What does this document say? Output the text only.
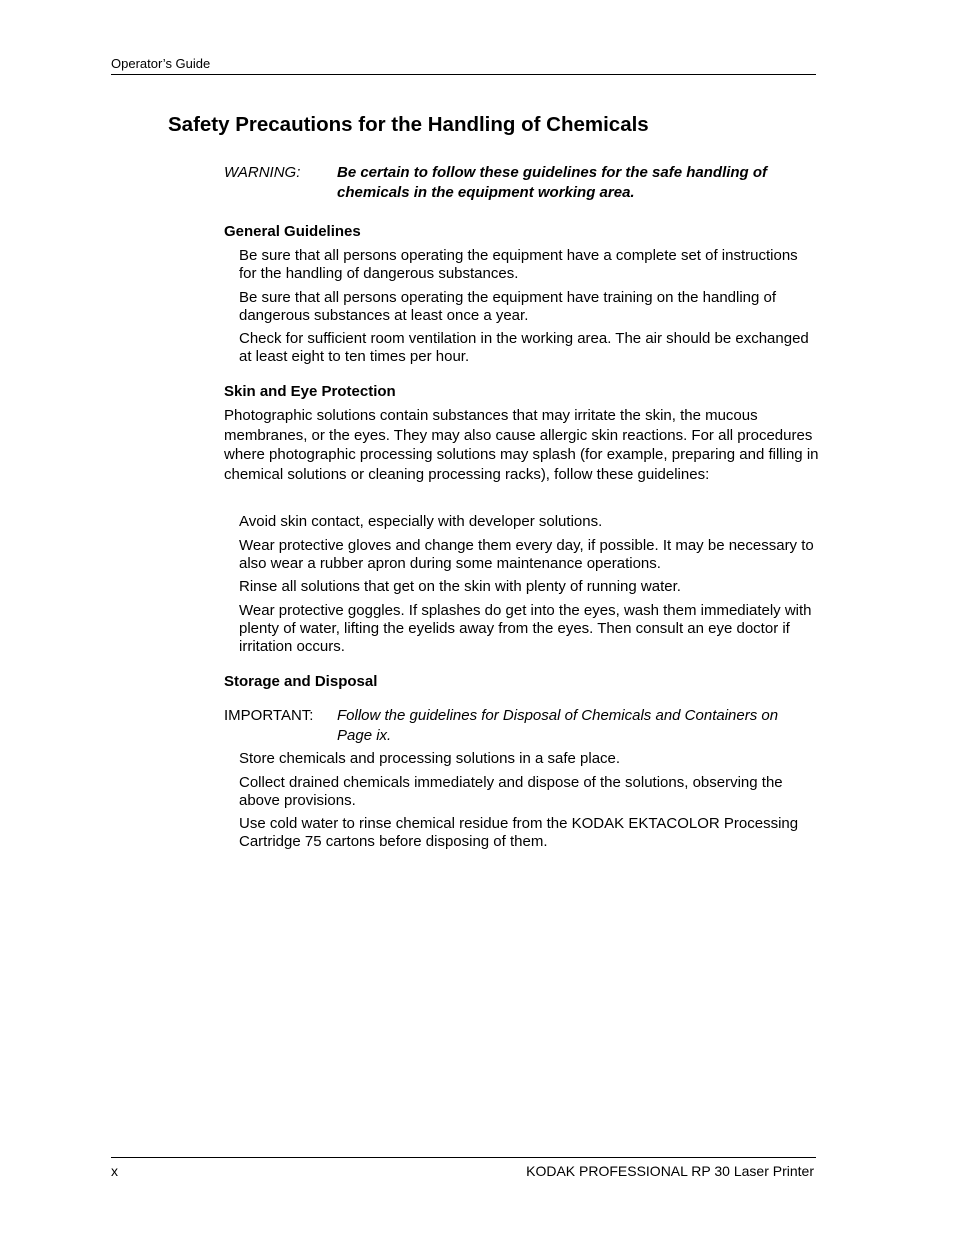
Operator’s Guide
Safety Precautions for the Handling of Chemicals
WARNING: Be certain to follow these guidelines for the safe handling of chemicals in the equipment working area.
General Guidelines
Be sure that all persons operating the equipment have a complete set of instructions for the handling of dangerous substances.
Be sure that all persons operating the equipment have training on the handling of dangerous substances at least once a year.
Check for sufficient room ventilation in the working area. The air should be exchanged at least eight to ten times per hour.
Skin and Eye Protection

Photographic solutions contain substances that may irritate the skin, the mucous membranes, or the eyes. They may also cause allergic skin reactions. For all procedures where photographic processing solutions may splash (for example, preparing and filling in chemical solutions or cleaning processing racks), follow these guidelines:

Avoid skin contact, especially with developer solutions.
Wear protective gloves and change them every day, if possible. It may be necessary to also wear a rubber apron during some maintenance operations.
Rinse all solutions that get on the skin with plenty of running water.
Wear protective goggles. If splashes do get into the eyes, wash them immediately with plenty of water, lifting the eyelids away from the eyes. Then consult an eye doctor if irritation occurs.
Storage and Disposal
IMPORTANT: Follow the guidelines for Disposal of Chemicals and Containers on Page ix.
Store chemicals and processing solutions in a safe place.
Collect drained chemicals immediately and dispose of the solutions, observing the above provisions.
Use cold water to rinse chemical residue from the KODAK EKTACOLOR Processing Cartridge 75 cartons before disposing of them.
x	KODAK PROFESSIONAL RP 30 Laser Printer
